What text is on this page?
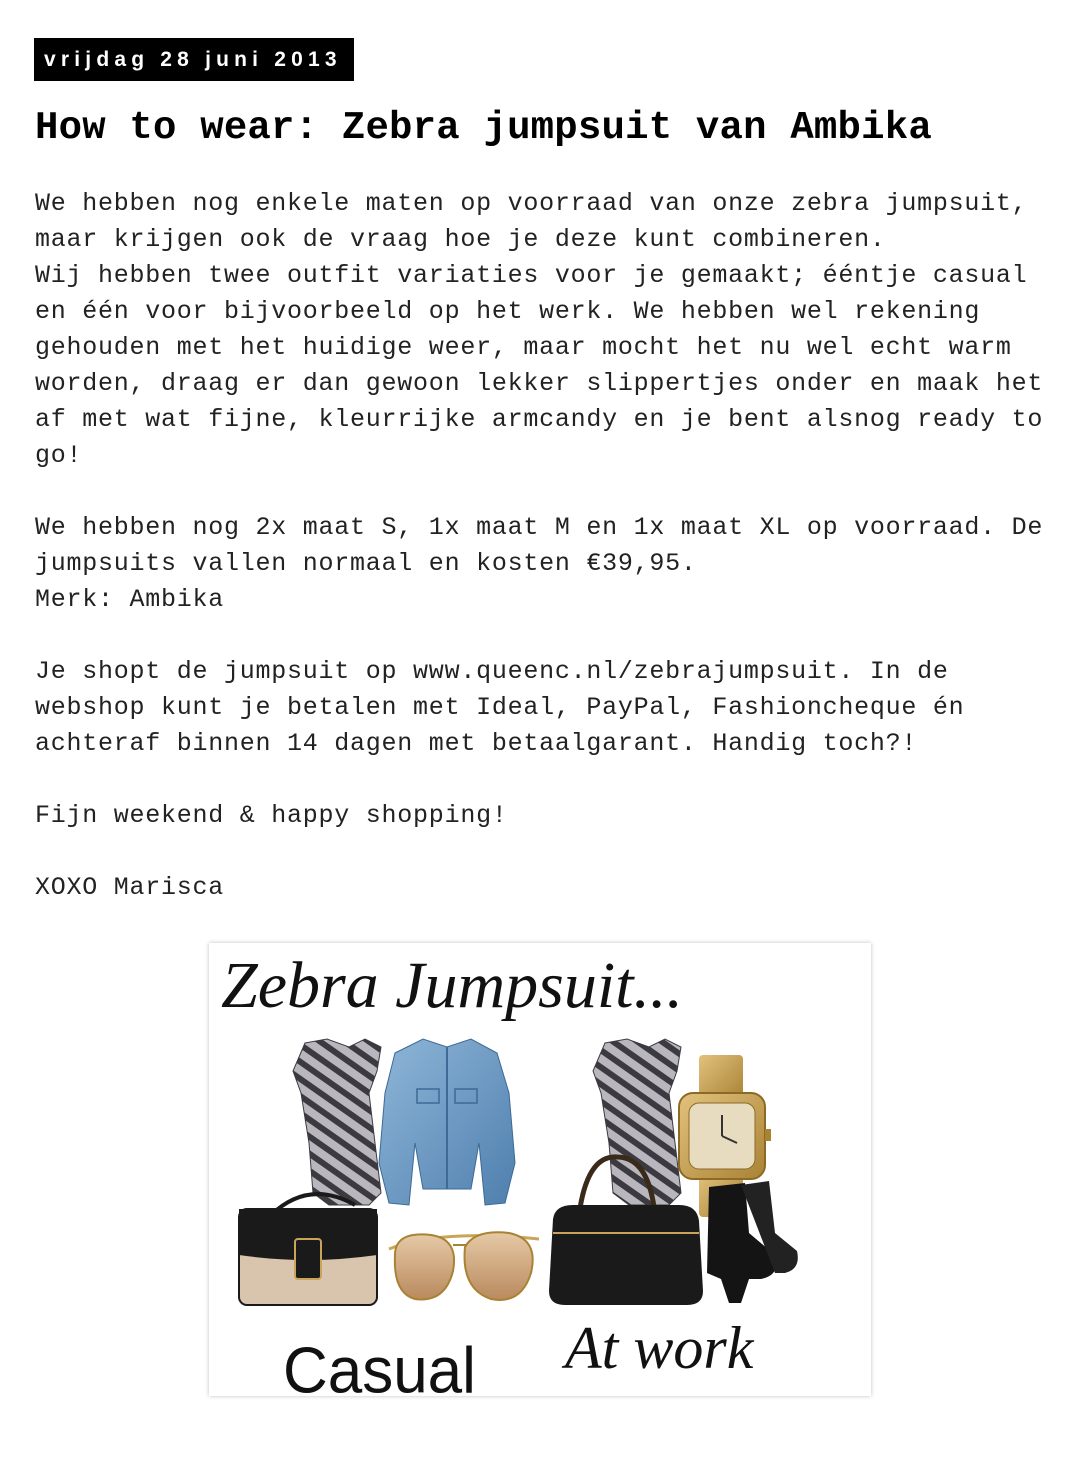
vrijdag 28 juni 2013
How to wear: Zebra jumpsuit van Ambika

We hebben nog enkele maten op voorraad van onze zebra jumpsuit,
maar krijgen ook de vraag hoe je deze kunt combineren.
Wij hebben twee outfit variaties voor je gemaakt; ééntje casual
en één voor bijvoorbeeld op het werk. We hebben wel rekening
gehouden met het huidige weer, maar mocht het nu wel echt warm
worden, draag er dan gewoon lekker slippertjes onder en maak het
af met wat fijne, kleurrijke armcandy en je bent alsnog ready to
go!

We hebben nog 2x maat S, 1x maat M en 1x maat XL op voorraad. De
jumpsuits vallen normaal en kosten €39,95.
Merk: Ambika

Je shopt de jumpsuit op www.queenc.nl/zebrajumpsuit. In de
webshop kunt je betalen met Ideal, PayPal, Fashioncheque én
achteraf binnen 14 dagen met betaalgarant. Handig toch?!

Fijn weekend & happy shopping!

XOXO Marisca

Zebra Jumpsuit...
Casual At work
